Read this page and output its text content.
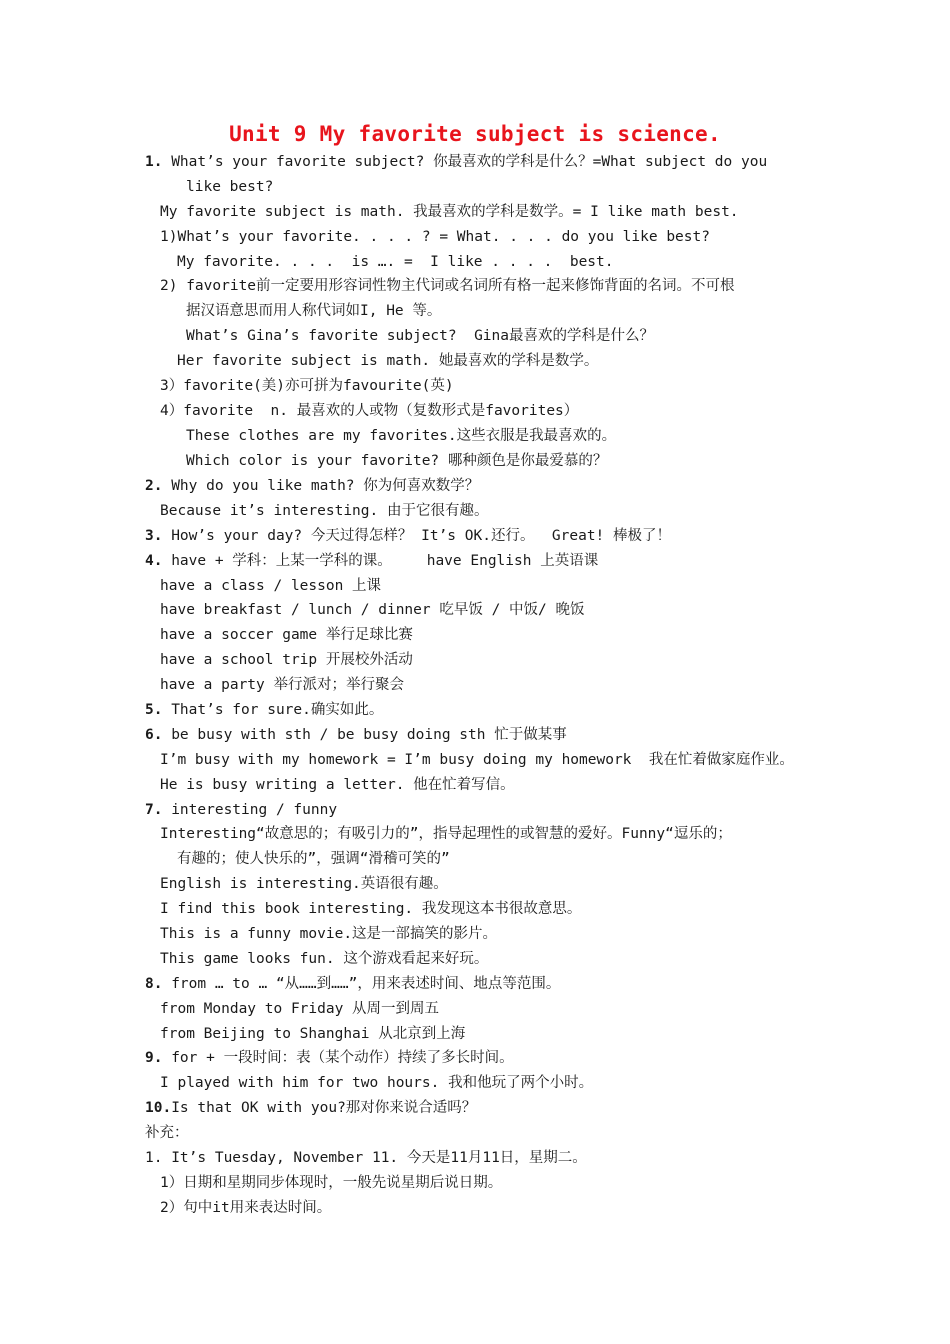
Unit 9 My favorite subject is science.
1. What’s your favorite subject? 你最喜欢的学科是什么？=What subject do you
like best?
My favorite subject is math. 我最喜欢的学科是数学。= I like math best.
1)What’s your favorite. . . . ? = What. . . . do you like best?
My favorite. . . .  is …. =  I like . . . .  best.
2) favorite前一定要用形容词性物主代词或名词所有格一起来修饰背面的名词。不可根
据汉语意思而用人称代词如I, He 等。
What’s Gina’s favorite subject?  Gina最喜欢的学科是什么？
Her favorite subject is math. 她最喜欢的学科是数学。
3）favorite(美)亦可拼为favourite(英)
4）favorite  n. 最喜欢的人或物（复数形式是favorites）
These clothes are my favorites.这些衣服是我最喜欢的。
Which color is your favorite? 哪种颜色是你最爱慕的？
2. Why do you like math? 你为何喜欢数学？
Because it’s interesting. 由于它很有趣。
3. How’s your day? 今天过得怎样？ It’s OK.还行。  Great! 棒极了！
4. have + 学科：上某一学科的课。    have English 上英语课
have a class / lesson 上课
have breakfast / lunch / dinner 吃早饭 / 中饭/ 晚饭
have a soccer game 举行足球比赛
have a school trip 开展校外活动
have a party 举行派对；举行聚会
5. That’s for sure.确实如此。
6. be busy with sth / be busy doing sth 忙于做某事
I’m busy with my homework = I’m busy doing my homework  我在忙着做家庭作业。
He is busy writing a letter. 他在忙着写信。
7. interesting / funny
Interesting“故意思的；有吸引力的”，指导起理性的或智慧的爱好。Funny“逗乐的；
有趣的；使人快乐的”，强调“滑稽可笑的”
English is interesting.英语很有趣。
I find this book interesting. 我发现这本书很故意思。
This is a funny movie.这是一部搞笑的影片。
This game looks fun. 这个游戏看起来好玩。
8. from … to … “从……到……”，用来表述时间、地点等范围。
from Monday to Friday 从周一到周五
from Beijing to Shanghai 从北京到上海
9. for + 一段时间：表（某个动作）持续了多长时间。
I played with him for two hours. 我和他玩了两个小时。
10.Is that OK with you?那对你来说合适吗？
补充：
1. It’s Tuesday, November 11. 今天是11月11日，星期二。
1）日期和星期同步体现时，一般先说星期后说日期。
2）句中it用来表达时间。
